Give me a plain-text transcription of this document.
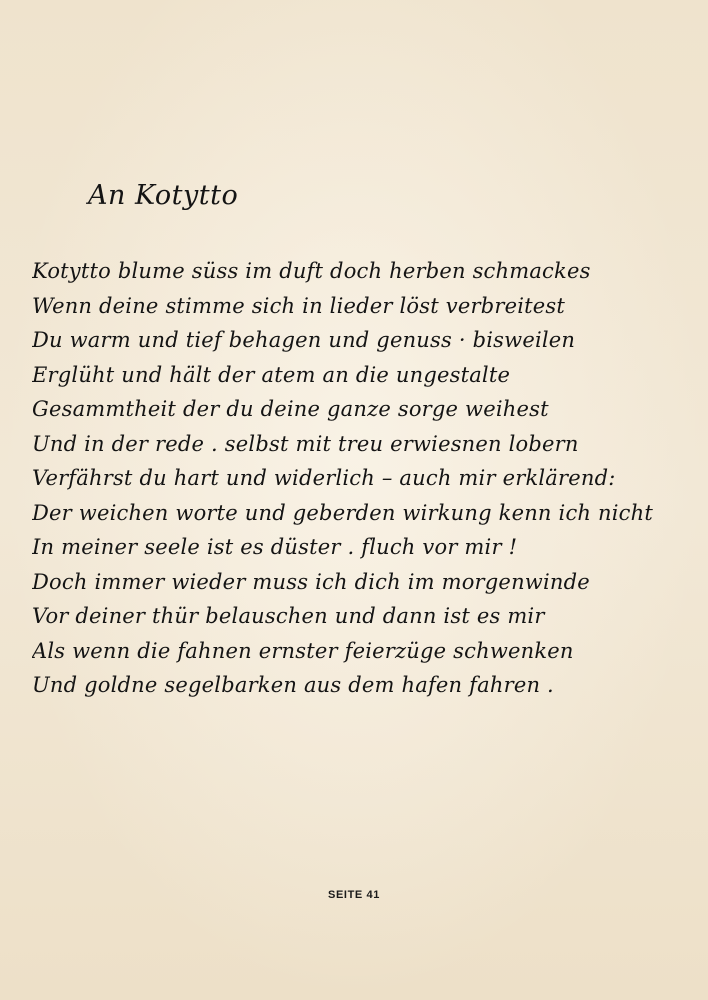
An Kotytto
Kotytto blume süss im duft doch herben schmackes
Wenn deine stimme sich in lieder löst verbreitest
Du warm und tief behagen und genuss · bisweilen
Erglüht und hält der atem an die ungestalte
Gesammtheit der du deine ganze sorge weihest
Und in der rede . selbst mit treu erwiesnen lobern
Verfährst du hart und widerlich – auch mir erklärend:
Der weichen worte und geberden wirkung kenn ich nicht
In meiner seele ist es düster . fluch vor mir !
Doch immer wieder muss ich dich im morgenwinde
Vor deiner thür belauschen und dann ist es mir
Als wenn die fahnen ernster feierzüge schwenken
Und goldne segelbarken aus dem hafen fahren .
SEITE 41
